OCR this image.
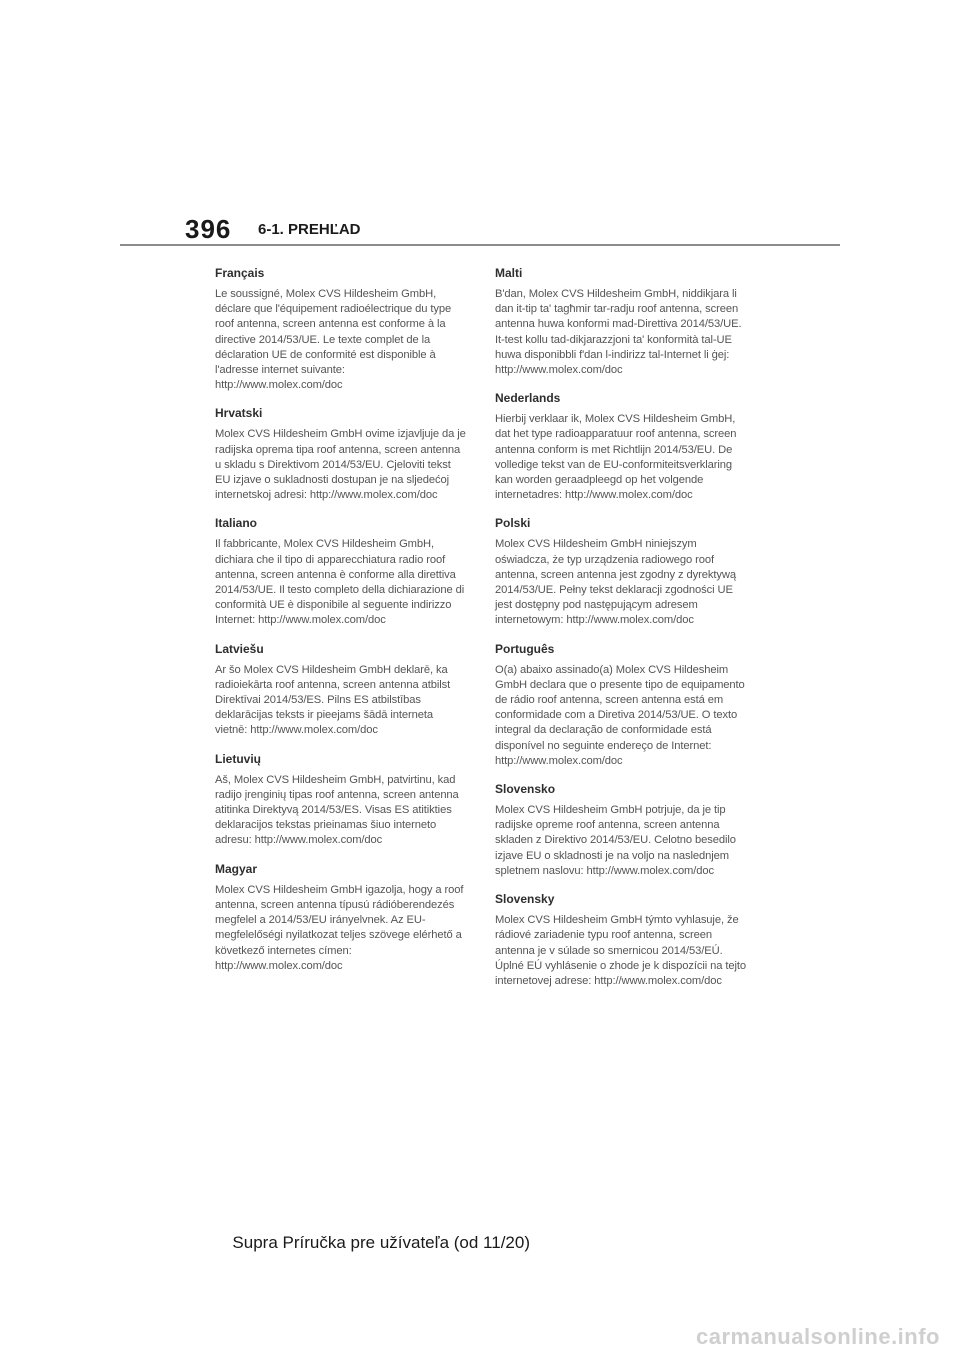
396 6-1. PREHĽAD
Français

Le soussigné, Molex CVS Hildesheim GmbH, déclare que l'équipement radioélectrique du type roof antenna, screen antenna est conforme à la directive 2014/53/UE. Le texte complet de la déclaration UE de conformité est disponible à l'adresse internet suivante: http://www.molex.com/doc

Hrvatski

Molex CVS Hildesheim GmbH ovime izjavljuje da je radijska oprema tipa roof antenna, screen antenna u skladu s Direktivom 2014/53/EU. Cjeloviti tekst EU izjave o sukladnosti dostupan je na sljedećoj internetskoj adresi: http://www.molex.com/doc

Italiano

Il fabbricante, Molex CVS Hildesheim GmbH, dichiara che il tipo di apparecchiatura radio roof antenna, screen antenna è conforme alla direttiva 2014/53/UE. Il testo completo della dichiarazione di conformità UE è disponibile al seguente indirizzo Internet: http://www.molex.com/doc

Latviešu

Ar šo Molex CVS Hildesheim GmbH deklarē, ka radioiekārta roof antenna, screen antenna atbilst Direktīvai 2014/53/ES. Pilns ES atbilstības deklarācijas teksts ir pieejams šādā interneta vietnē: http://www.molex.com/doc

Lietuvių

Aš, Molex CVS Hildesheim GmbH, patvirtinu, kad radijo įrenginių tipas roof antenna, screen antenna atitinka Direktyvą 2014/53/ES. Visas ES atitikties deklaracijos tekstas prieinamas šiuo interneto adresu: http://www.molex.com/doc

Magyar

Molex CVS Hildesheim GmbH igazolja, hogy a roof antenna, screen antenna típusú rádióberendezés megfelel a 2014/53/EU irányelvnek. Az EU-megfelelőségi nyilatkozat teljes szövege elérhető a következő internetes címen: http://www.molex.com/doc

Malti

B'dan, Molex CVS Hildesheim GmbH, niddikjara li dan it-tip ta' tagħmir tar-radju roof antenna, screen antenna huwa konformi mad-Direttiva 2014/53/UE. It-test kollu tad-dikjarazzjoni ta' konformità tal-UE huwa disponibbli f'dan l-indirizz tal-Internet li ġej: http://www.molex.com/doc

Nederlands

Hierbij verklaar ik, Molex CVS Hildesheim GmbH, dat het type radioapparatuur roof antenna, screen antenna conform is met Richtlijn 2014/53/EU. De volledige tekst van de EU-conformiteitsverklaring kan worden geraadpleegd op het volgende internetadres: http://www.molex.com/doc

Polski

Molex CVS Hildesheim GmbH niniejszym oświadcza, że typ urządzenia radiowego roof antenna, screen antenna jest zgodny z dyrektywą 2014/53/UE. Pełny tekst deklaracji zgodności UE jest dostępny pod następującym adresem internetowym: http://www.molex.com/doc

Português

O(a) abaixo assinado(a) Molex CVS Hildesheim GmbH declara que o presente tipo de equipamento de rádio roof antenna, screen antenna está em conformidade com a Diretiva 2014/53/UE. O texto integral da declaração de conformidade está disponível no seguinte endereço de Internet: http://www.molex.com/doc

Slovensko

Molex CVS Hildesheim GmbH potrjuje, da je tip radijske opreme roof antenna, screen antenna skladen z Direktivo 2014/53/EU. Celotno besedilo izjave EU o skladnosti je na voljo na naslednjem spletnem naslovu: http://www.molex.com/doc

Slovensky

Molex CVS Hildesheim GmbH týmto vyhlasuje, že rádiové zariadenie typu roof antenna, screen antenna je v súlade so smernicou 2014/53/EÚ. Úplné EÚ vyhlásenie o zhode je k dispozícii na tejto internetovej adrese: http://www.molex.com/doc

Supra Príručka pre užívateľa (od 11/20)
carmanualsonline.info
